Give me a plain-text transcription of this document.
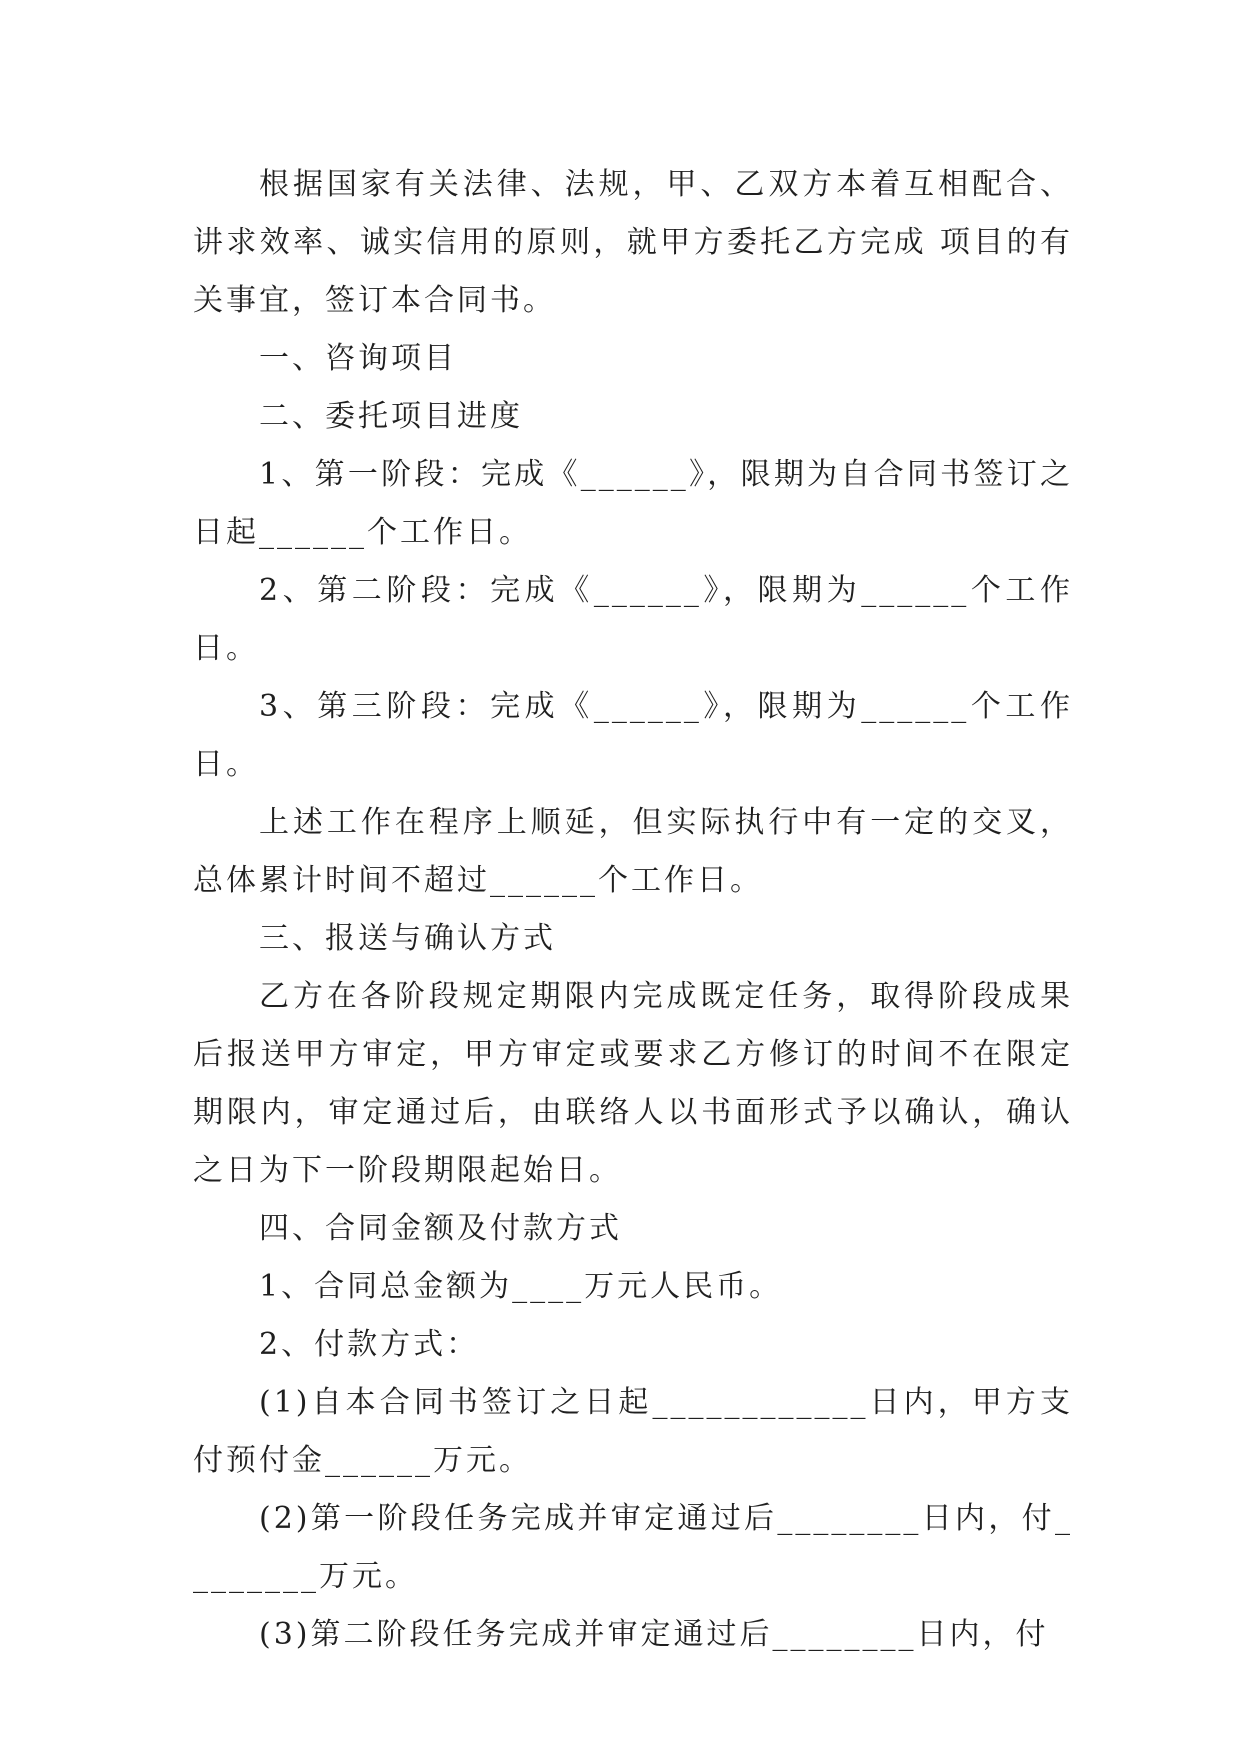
根据国家有关法律、法规，甲、乙双方本着互相配合、讲求效率、诚实信用的原则，就甲方委托乙方完成 项目的有关事宜，签订本合同书。

一、咨询项目

二、委托项目进度

1、第一阶段：完成《______》，限期为自合同书签订之日起______个工作日。

2、第二阶段：完成《______》，限期为______个工作日。

3、第三阶段：完成《______》，限期为______个工作日。

上述工作在程序上顺延，但实际执行中有一定的交叉，总体累计时间不超过______个工作日。

三、报送与确认方式

乙方在各阶段规定期限内完成既定任务，取得阶段成果后报送甲方审定，甲方审定或要求乙方修订的时间不在限定期限内，审定通过后，由联络人以书面形式予以确认，确认之日为下一阶段期限起始日。

四、合同金额及付款方式

1、合同总金额为____万元人民币。

2、付款方式：

(1)自本合同书签订之日起____________日内，甲方支付预付金______万元。

(2)第一阶段任务完成并审定通过后________日内，付________万元。

(3)第二阶段任务完成并审定通过后________日内，付
